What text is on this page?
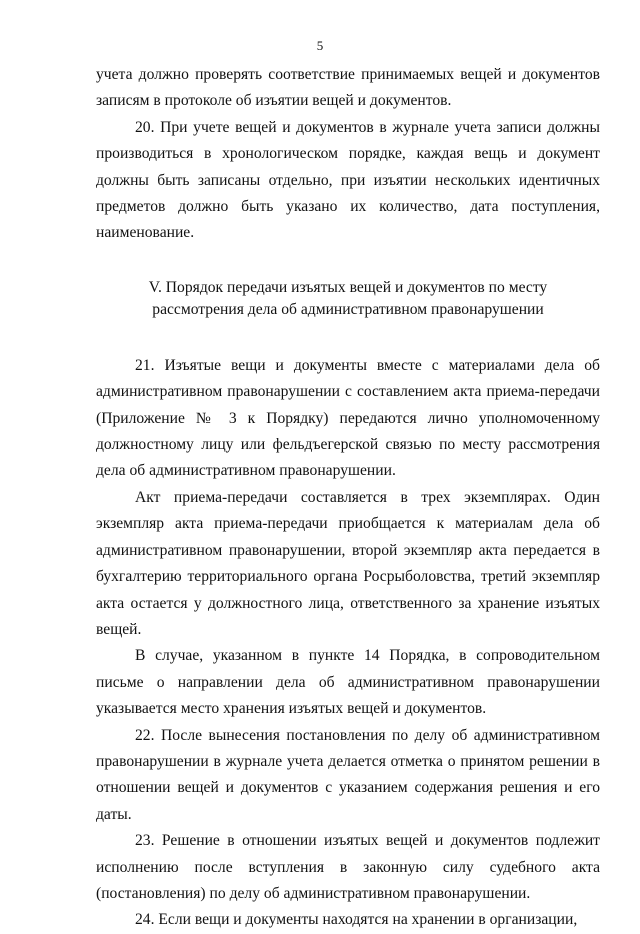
5

учета должно проверять соответствие принимаемых вещей и документов записям в протоколе об изъятии вещей и документов.

20. При учете вещей и документов в журнале учета записи должны производиться в хронологическом порядке, каждая вещь и документ должны быть записаны отдельно, при изъятии нескольких идентичных предметов должно быть указано их количество, дата поступления, наименование.

V. Порядок передачи изъятых вещей и документов по месту
рассмотрения дела об административном правонарушении

21. Изъятые вещи и документы вместе с материалами дела об административном правонарушении с составлением акта приема-передачи (Приложение № 3 к Порядку) передаются лично уполномоченному должностному лицу или фельдъегерской связью по месту рассмотрения дела об административном правонарушении.

Акт приема-передачи составляется в трех экземплярах. Один экземпляр акта приема-передачи приобщается к материалам дела об административном правонарушении, второй экземпляр акта передается в бухгалтерию территориального органа Росрыболовства, третий экземпляр акта остается у должностного лица, ответственного за хранение изъятых вещей.

В случае, указанном в пункте 14 Порядка, в сопроводительном письме о направлении дела об административном правонарушении указывается место хранения изъятых вещей и документов.

22. После вынесения постановления по делу об административном правонарушении в журнале учета делается отметка о принятом решении в отношении вещей и документов с указанием содержания решения и его даты.

23. Решение в отношении изъятых вещей и документов подлежит исполнению после вступления в законную силу судебного акта (постановления) по делу об административном правонарушении.

24. Если вещи и документы находятся на хранении в организации,
